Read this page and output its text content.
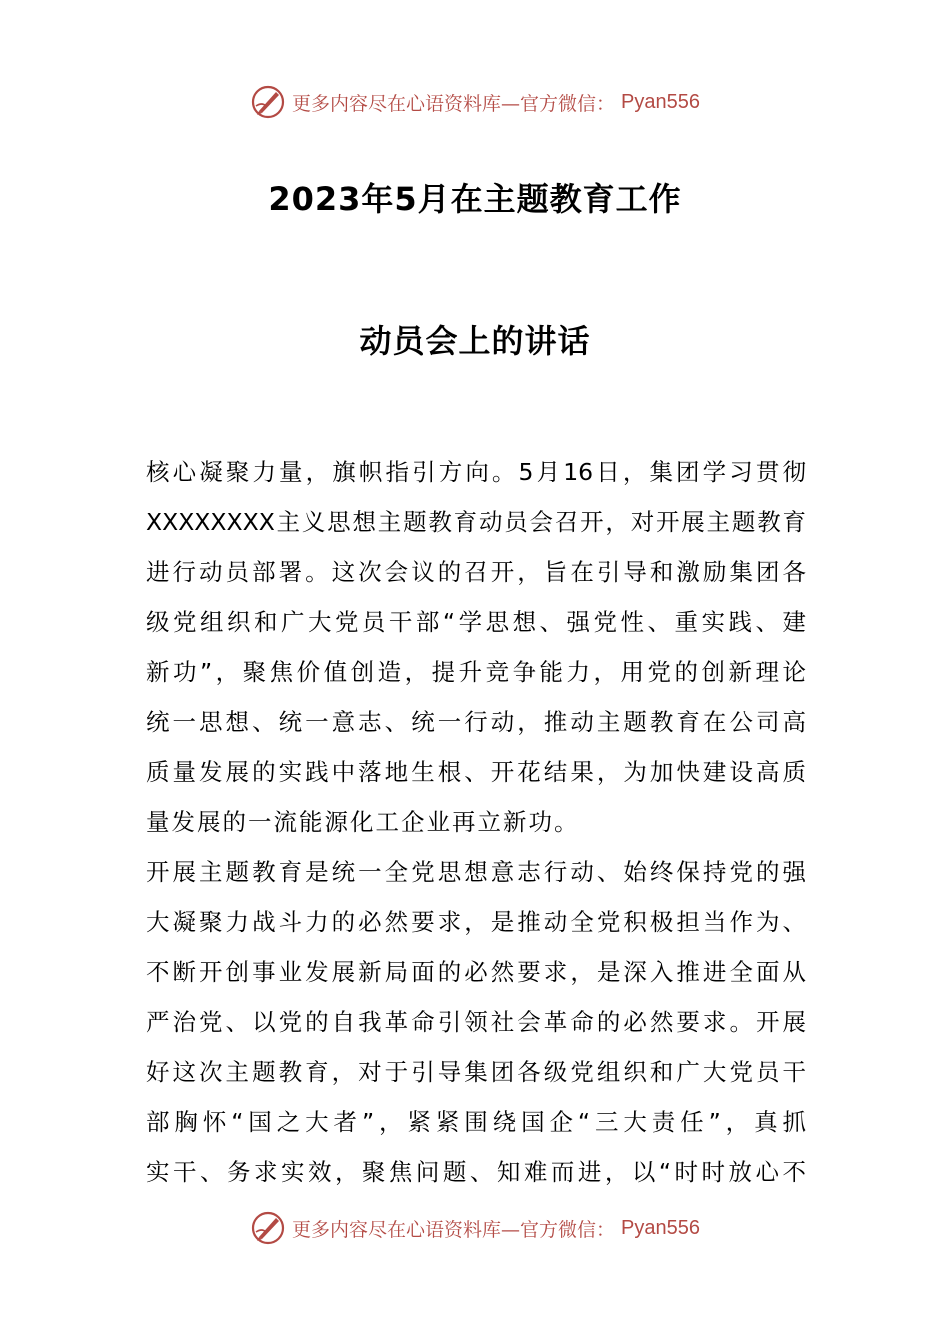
更多内容尽在心语资料库—官方微信： Pyan556
2023年5月在主题教育工作
动员会上的讲话
核心凝聚力量，旗帜指引方向。5月16日，集团学习贯彻
XXXXXXXX主义思想主题教育动员会召开，对开展主题教育
进行动员部署。这次会议的召开，旨在引导和激励集团各
级党组织和广大党员干部“学思想、强党性、重实践、建
新功”，聚焦价值创造，提升竞争能力，用党的创新理论
统一思想、统一意志、统一行动，推动主题教育在公司高
质量发展的实践中落地生根、开花结果，为加快建设高质
量发展的一流能源化工企业再立新功。
开展主题教育是统一全党思想意志行动、始终保持党的强
大凝聚力战斗力的必然要求，是推动全党积极担当作为、
不断开创事业发展新局面的必然要求，是深入推进全面从
严治党、以党的自我革命引领社会革命的必然要求。开展
好这次主题教育，对于引导集团各级党组织和广大党员干
部胸怀“国之大者”，紧紧围绕国企“三大责任”，真抓
实干、务求实效，聚焦问题、知难而进，以“时时放心不
更多内容尽在心语资料库—官方微信： Pyan556
